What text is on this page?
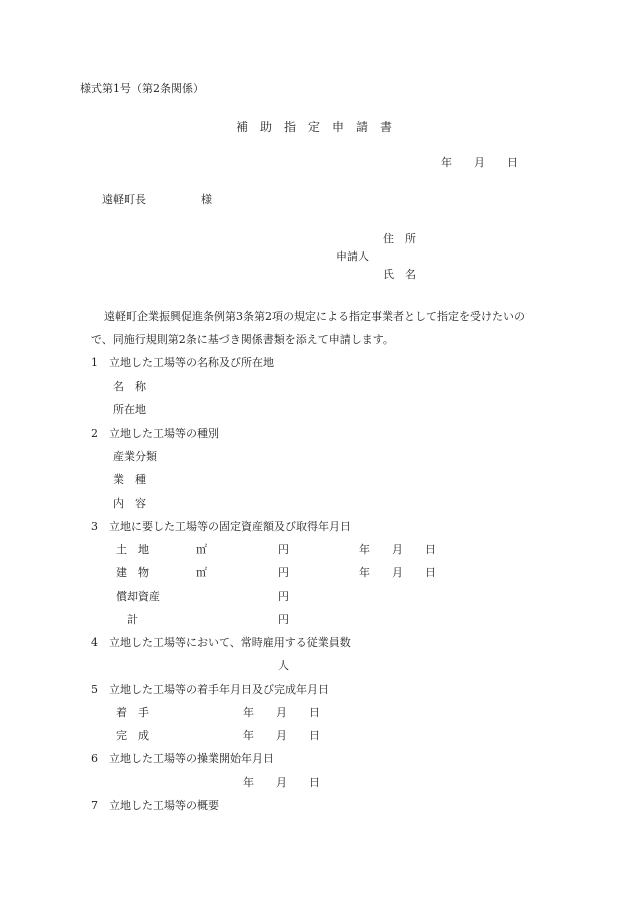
様式第1号（第2条関係）
補　助　指　定　申　請　書
年　　月　　日
遠軽町長　　　　　様
住　所
申請人
氏　名
遠軽町企業振興促進条例第3条第2項の規定による指定事業者として指定を受けたいの
で、同施行規則第2条に基づき関係書類を添えて申請します。
1　立地した工場等の名称及び所在地
名　称
所在地
2　立地した工場等の種別
産業分類
業　種
内　容
3　立地に要した工場等の固定資産額及び取得年月日
土　地	㎡	円	年　　月　　日
建　物	㎡	円	年　　月　　日
償却資産	円
計	円
4　立地した工場等において、常時雇用する従業員数
人
5　立地した工場等の着手年月日及び完成年月日
着　手	年　　月　　日
完　成	年　　月　　日
6　立地した工場等の操業開始年月日
年　　月　　日
7　立地した工場等の概要
